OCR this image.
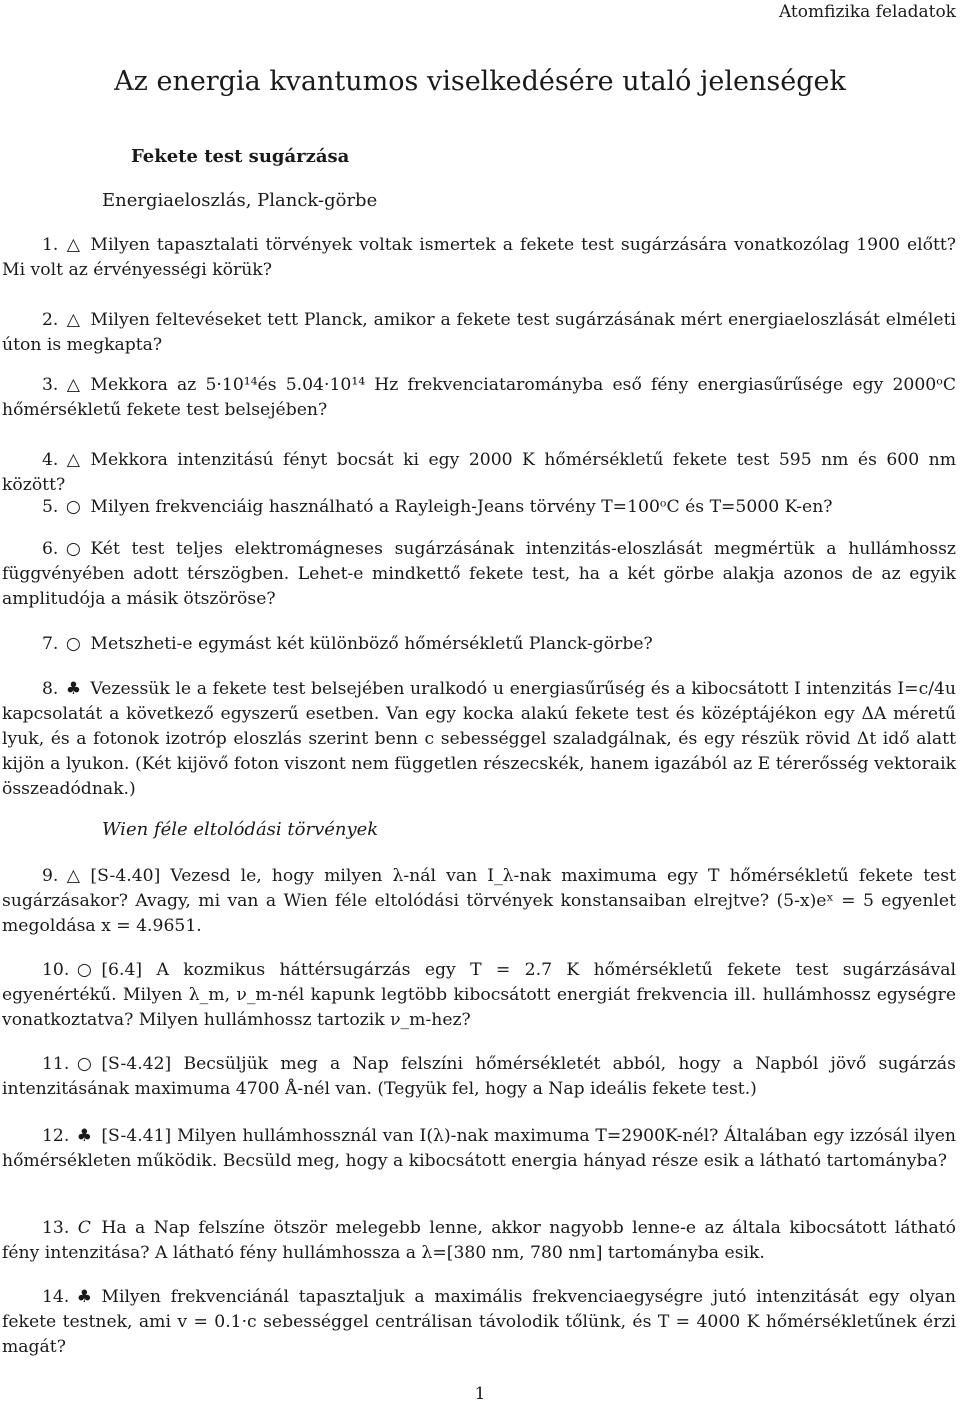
Atomfizika feladatok
Az energia kvantumos viselkedésére utaló jelenségek
Fekete test sugárzása
Energiaeloszlás, Planck-görbe
1. △ Milyen tapasztalati törvények voltak ismertek a fekete test sugárzására vonatkozólag 1900 előtt? Mi volt az érvényességi körük?
2. △ Milyen feltevéseket tett Planck, amikor a fekete test sugárzásának mért energiaeloszlását elméleti úton is megkapta?
3. △ Mekkora az 5·10¹⁴és 5.04·10¹⁴ Hz frekvenciatarományba eső fény energiasűrűsége egy 2000ᵒC hőmérsékletű fekete test belsejében?
4. △ Mekkora intenzitású fényt bocsát ki egy 2000 K hőmérsékletű fekete test 595 nm és 600 nm között?
5. ○ Milyen frekvenciáig használható a Rayleigh-Jeans törvény T=100ᵒC és T=5000 K-en?
6. ○ Két test teljes elektromágneses sugárzásának intenzitás-eloszlását megmértük a hullámhossz függvényében adott térszögben. Lehet-e mindkettő fekete test, ha a két görbe alakja azonos de az egyik amplitudója a másik ötszöröse?
7. ○ Metszheti-e egymást két különböző hőmérsékletű Planck-görbe?
8. ♣ Vezessük le a fekete test belsejében uralkodó u energiasűrűség és a kibocsátott I intenzitás I=c/4u kapcsolatát a következő egyszerű esetben. Van egy kocka alakú fekete test és középtájékon egy ΔA méretű lyuk, és a fotonok izotróp eloszlás szerint benn c sebességgel szaladgálnak, és egy részük rövid Δt idő alatt kijön a lyukon. (Két kijövő foton viszont nem független részecskék, hanem igazából az E térerősség vektoraik összeadódnak.)
Wien féle eltolódási törvények
9. △ [S-4.40] Vezesd le, hogy milyen λ-nál van I_λ-nak maximuma egy T hőmérsékletű fekete test sugárzásakor? Avagy, mi van a Wien féle eltolódási törvények konstansaiban elrejtve? (5-x)eˣ = 5 egyenlet megoldása x = 4.9651.
10. ○ [6.4] A kozmikus háttérsugárzás egy T = 2.7 K hőmérsékletű fekete test sugárzásával egyenértékű. Milyen λ_m, ν_m-nél kapunk legtöbb kibocsátott energiát frekvencia ill. hullámhossz egységre vonatkoztatva? Milyen hullámhossz tartozik ν_m-hez?
11. ○ [S-4.42] Becsüljük meg a Nap felszíni hőmérsékletét abból, hogy a Napból jövő sugárzás intenzitásának maximuma 4700 Å-nél van. (Tegyük fel, hogy a Nap ideális fekete test.)
12. ♣ [S-4.41] Milyen hullámhossznál van I(λ)-nak maximuma T=2900K-nél? Általában egy izzósál ilyen hőmérsékleten működik. Becsüld meg, hogy a kibocsátott energia hányad része esik a látható tartományba?
13. C Ha a Nap felszíne ötször melegebb lenne, akkor nagyobb lenne-e az általa kibocsátott látható fény intenzitása? A látható fény hullámhossza a λ=[380 nm, 780 nm] tartományba esik.
14. ♣ Milyen frekvenciánál tapasztaljuk a maximális frekvenciaegységre jutó intenzitását egy olyan fekete testnek, ami v = 0.1·c sebességgel centrálisan távolodik tőlünk, és T = 4000 K hőmérsékletűnek érzi magát?
1
